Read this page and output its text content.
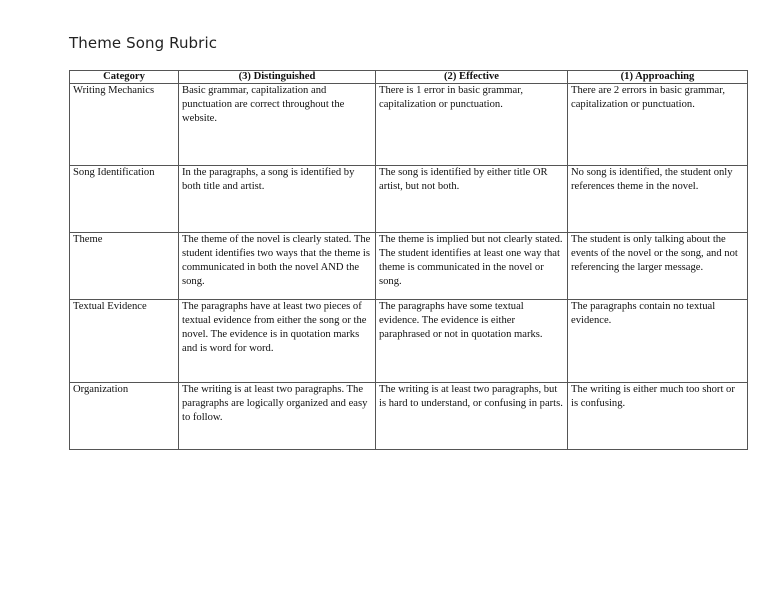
Theme Song Rubric
Category	(3) Distinguished	(2) Effective	(1) Approaching
Writing Mechanics	Basic grammar, capitalization and punctuation are correct throughout the website.	There is 1 error in basic grammar, capitalization or punctuation.	There are 2 errors in basic grammar, capitalization or punctuation.
Song Identification	In the paragraphs, a song is identified by both title and artist.	The song is identified by either title OR artist, but not both.	No song is identified, the student only references theme in the novel.
Theme	The theme of the novel is clearly stated. The student identifies two ways that the theme is communicated in both the novel AND the song.	The theme is implied but not clearly stated. The student identifies at least one way that theme is communicated in the novel or song.	The student is only talking about the events of the novel or the song, and not referencing the larger message.
Textual Evidence	The paragraphs have at least two pieces of textual evidence from either the song or the novel. The evidence is in quotation marks and is word for word.	The paragraphs have some textual evidence. The evidence is either paraphrased or not in quotation marks.	The paragraphs contain no textual evidence.
Organization	The writing is at least two paragraphs. The paragraphs are logically organized and easy to follow.	The writing is at least two paragraphs, but is hard to understand, or confusing in parts.	The writing is either much too short or is confusing.
